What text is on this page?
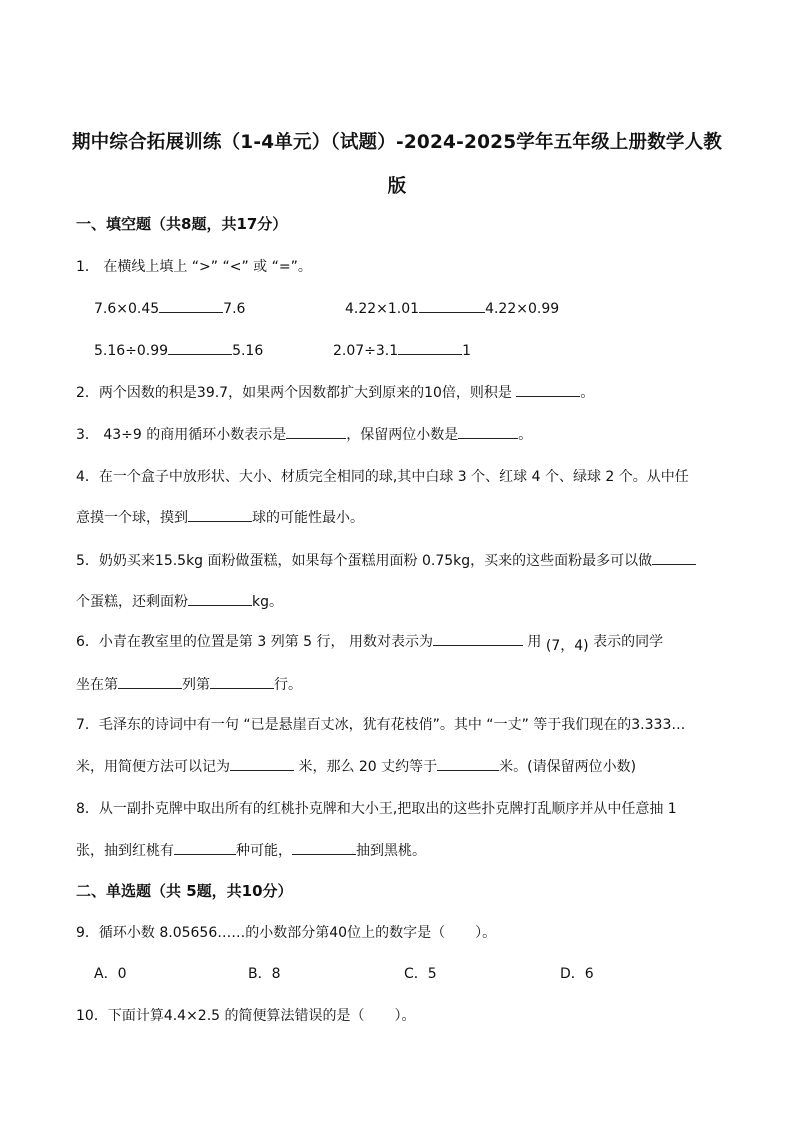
期中综合拓展训练（1-4单元）（试题）-2024-2025学年五年级上册数学人教
版
一、填空题（共8题，共17分）
1． 在横线上填上 “>” “<” 或 “=”。
7.6×0.45	7.6	4.22×1.01	4.22×0.99
5.16÷0.99	5.16	2.07÷3.1	1
2．两个因数的积是39.7，如果两个因数都扩大到原来的10倍，则积是	。
3． 43÷9 的商用循环小数表示是	，保留两位小数是	。
4．在一个盒子中放形状、大小、材质完全相同的球,其中白球 3 个、红球 4 个、绿球 2 个。从中任
意摸一个球，摸到	球的可能性最小。
5．奶奶买来15.5kg 面粉做蛋糕，如果每个蛋糕用面粉 0.75kg，买来的这些面粉最多可以做
个蛋糕，还剩面粉	kg。
6．小青在教室里的位置是第 3 列第 5 行， 用数对表示为	用 (7，4) 表示的同学
坐在第	列第	行。
7．毛泽东的诗词中有一句 “已是悬崖百丈冰，犹有花枝俏”。其中 “一丈” 等于我们现在的3.333…
米，用简便方法可以记为	米，那么 20 丈约等于	米。(请保留两位小数)
8．从一副扑克牌中取出所有的红桃扑克牌和大小王,把取出的这些扑克牌打乱顺序并从中任意抽 1
张，抽到红桃有	种可能，	抽到黑桃。
二、单选题（共 5题，共10分）
9．循环小数 8.05656……的小数部分第40位上的数字是（ ）。
A．0	B．8	C．5	D．6
10．下面计算4.4×2.5 的简便算法错误的是（ ）。
